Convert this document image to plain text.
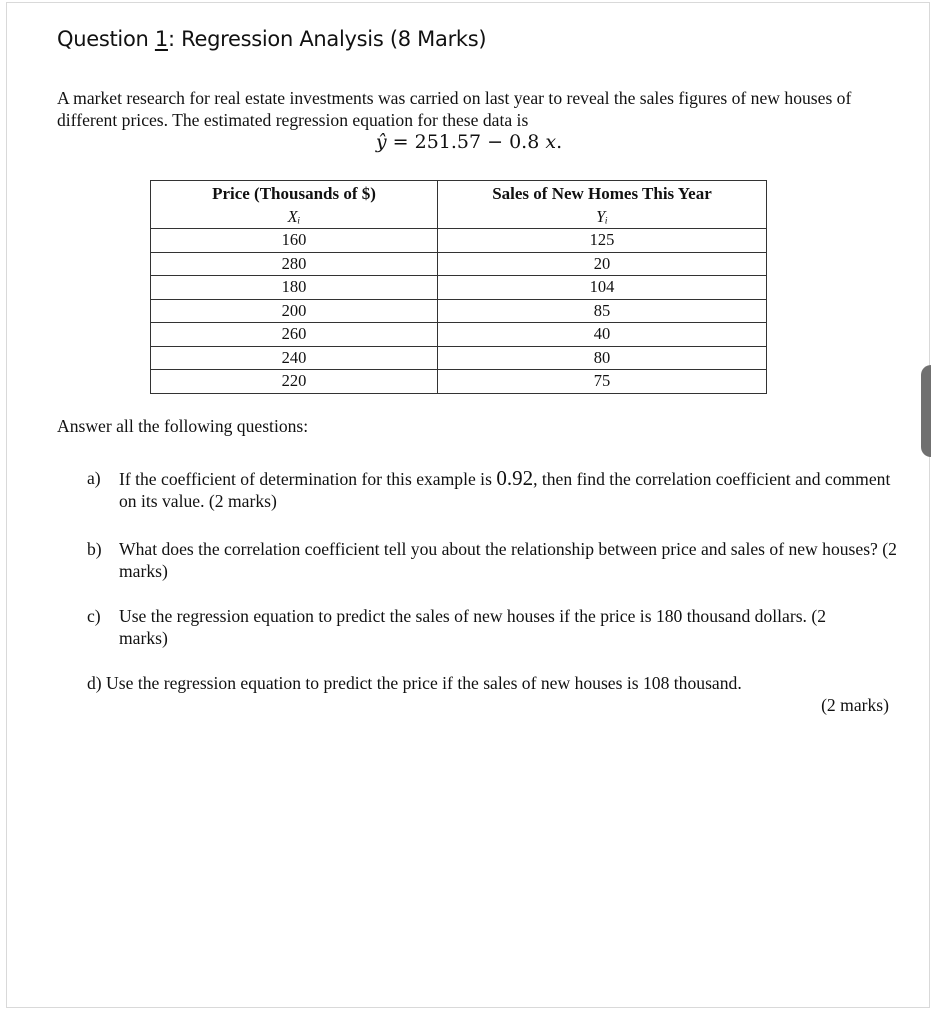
Question 1: Regression Analysis (8 Marks)

A market research for real estate investments was carried on last year to reveal the sales figures of new houses of different prices. The estimated regression equation for these data is

ŷ = 251.57 − 0.8 x.
Price (Thousands of $)	Sales of New Homes This Year
Xᵢ	Yᵢ
160	125
280	20
180	104
200	85
260	40
240	80
220	75
Answer all the following questions:
a) If the coefficient of determination for this example is 0.92, then find the correlation coefficient and comment on its value. (2 marks)
b) What does the correlation coefficient tell you about the relationship between price and sales of new houses? (2 marks)
c) Use the regression equation to predict the sales of new houses if the price is 180 thousand dollars. (2 marks)
d) Use the regression equation to predict the price if the sales of new houses is 108 thousand.
(2 marks)
